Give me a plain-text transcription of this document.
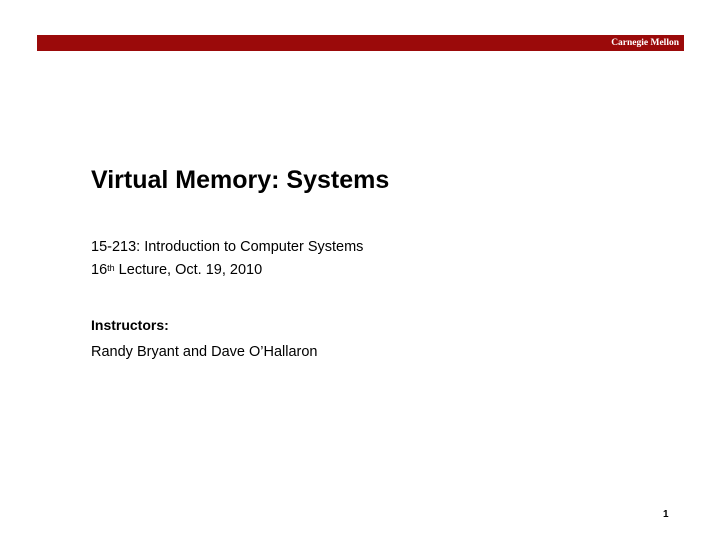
Carnegie Mellon
Virtual Memory: Systems
15-213: Introduction to Computer Systems
16th Lecture, Oct. 19, 2010
Instructors:
Randy Bryant and Dave O’Hallaron
1
